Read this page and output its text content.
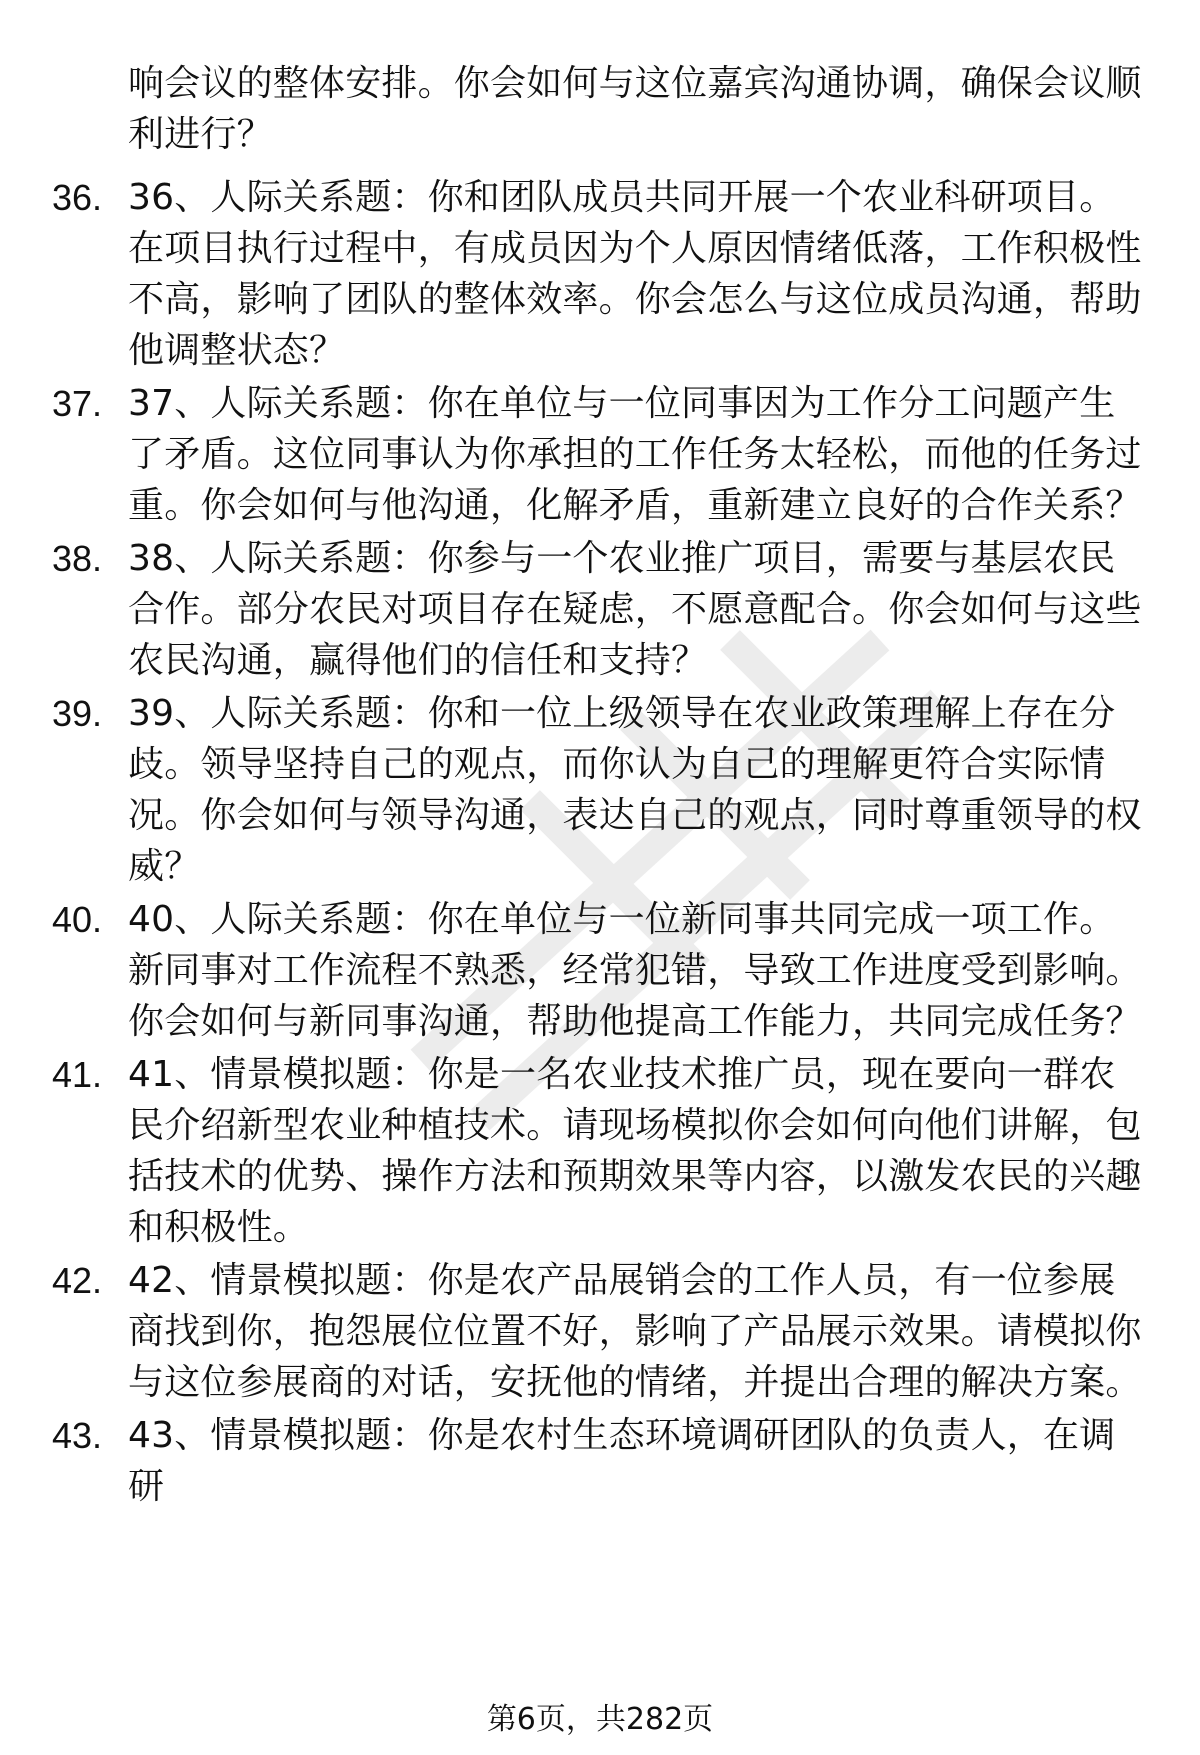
响会议的整体安排。你会如何与这位嘉宾沟通协调，确保会议顺利进行？
36. 36、人际关系题：你和团队成员共同开展一个农业科研项目。在项目执行过程中，有成员因为个人原因情绪低落，工作积极性不高，影响了团队的整体效率。你会怎么与这位成员沟通，帮助他调整状态？
37. 37、人际关系题：你在单位与一位同事因为工作分工问题产生了矛盾。这位同事认为你承担的工作任务太轻松，而他的任务过重。你会如何与他沟通，化解矛盾，重新建立良好的合作关系？
38. 38、人际关系题：你参与一个农业推广项目，需要与基层农民合作。部分农民对项目存在疑虑，不愿意配合。你会如何与这些农民沟通，赢得他们的信任和支持？
39. 39、人际关系题：你和一位上级领导在农业政策理解上存在分歧。领导坚持自己的观点，而你认为自己的理解更符合实际情况。你会如何与领导沟通，表达自己的观点，同时尊重领导的权威？
40. 40、人际关系题：你在单位与一位新同事共同完成一项工作。新同事对工作流程不熟悉，经常犯错，导致工作进度受到影响。你会如何与新同事沟通，帮助他提高工作能力，共同完成任务？
41. 41、情景模拟题：你是一名农业技术推广员，现在要向一群农民介绍新型农业种植技术。请现场模拟你会如何向他们讲解，包括技术的优势、操作方法和预期效果等内容，以激发农民的兴趣和积极性。
42. 42、情景模拟题：你是农产品展销会的工作人员，有一位参展商找到你，抱怨展位位置不好，影响了产品展示效果。请模拟你与这位参展商的对话，安抚他的情绪，并提出合理的解决方案。
43. 43、情景模拟题：你是农村生态环境调研团队的负责人，在调研
第6页，共282页
